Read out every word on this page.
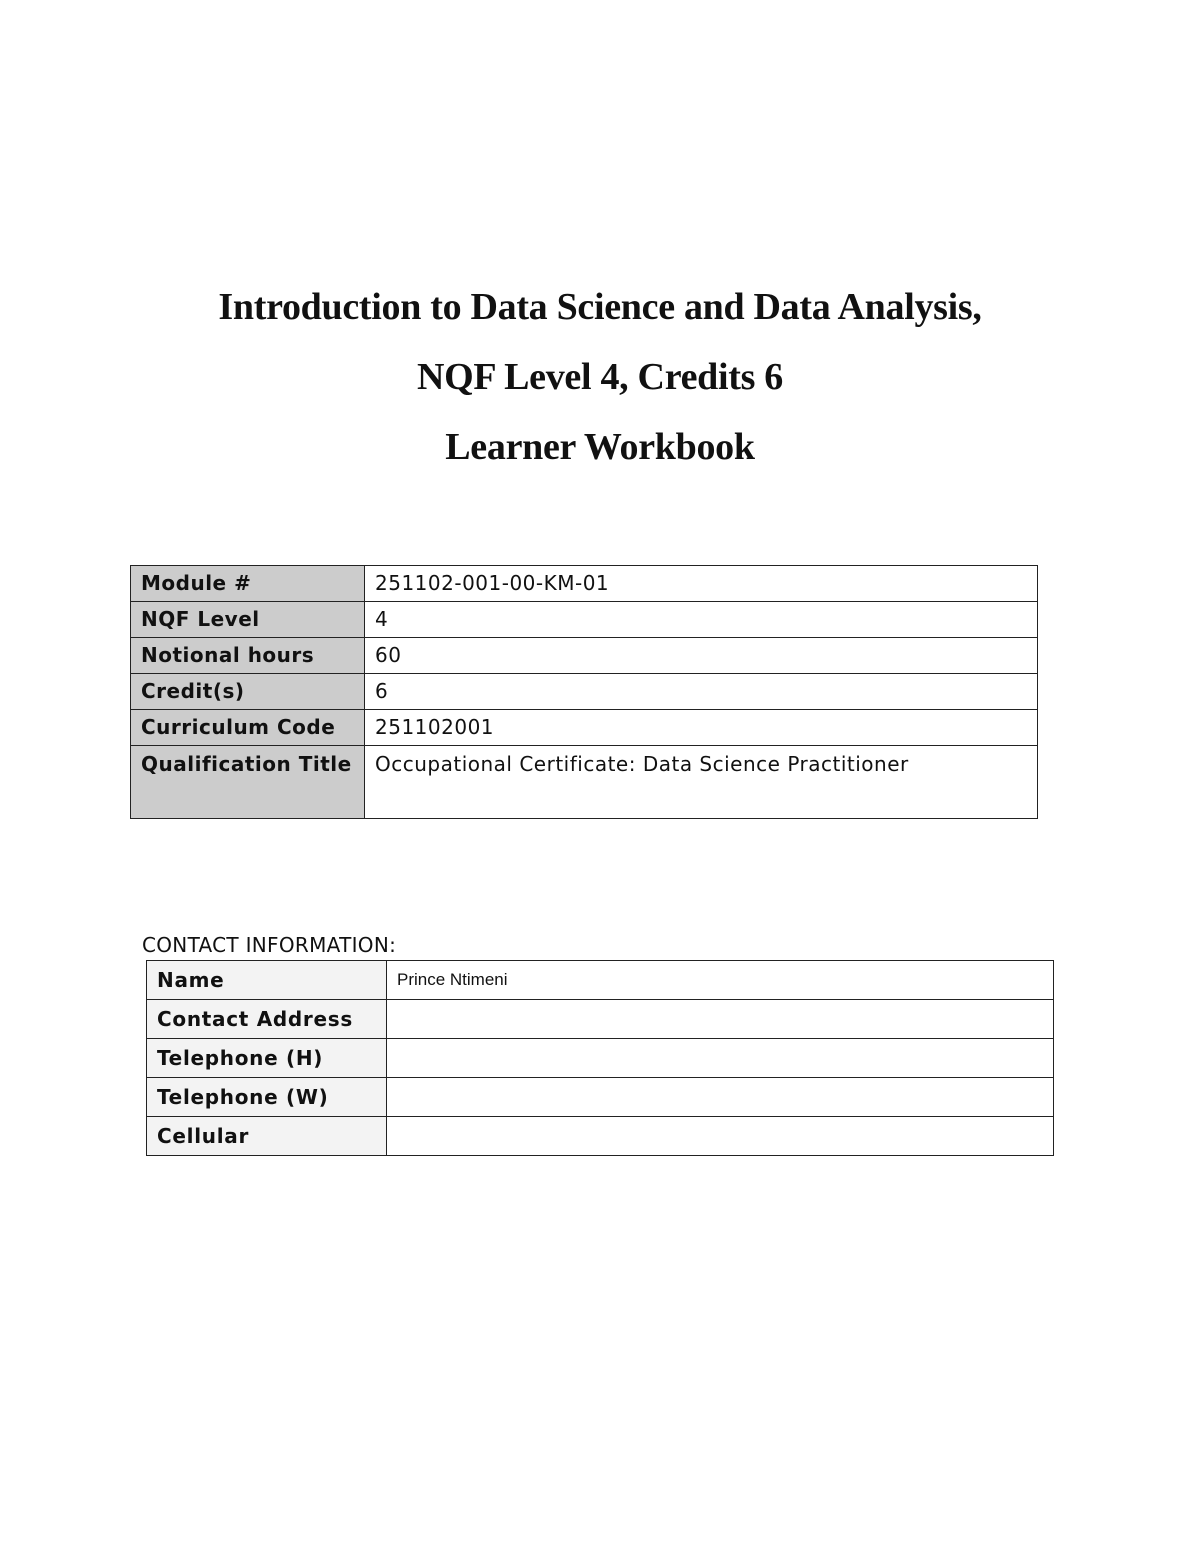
Introduction to Data Science and Data Analysis,
NQF Level 4, Credits 6
Learner Workbook
Module #	251102-001-00-KM-01
NQF Level	4
Notional hours	60
Credit(s)	6
Curriculum Code	251102001
Qualification Title	Occupational Certificate: Data Science Practitioner
CONTACT INFORMATION:
Name	Prince Ntimeni
Contact Address	
Telephone (H)	
Telephone (W)	
Cellular	
